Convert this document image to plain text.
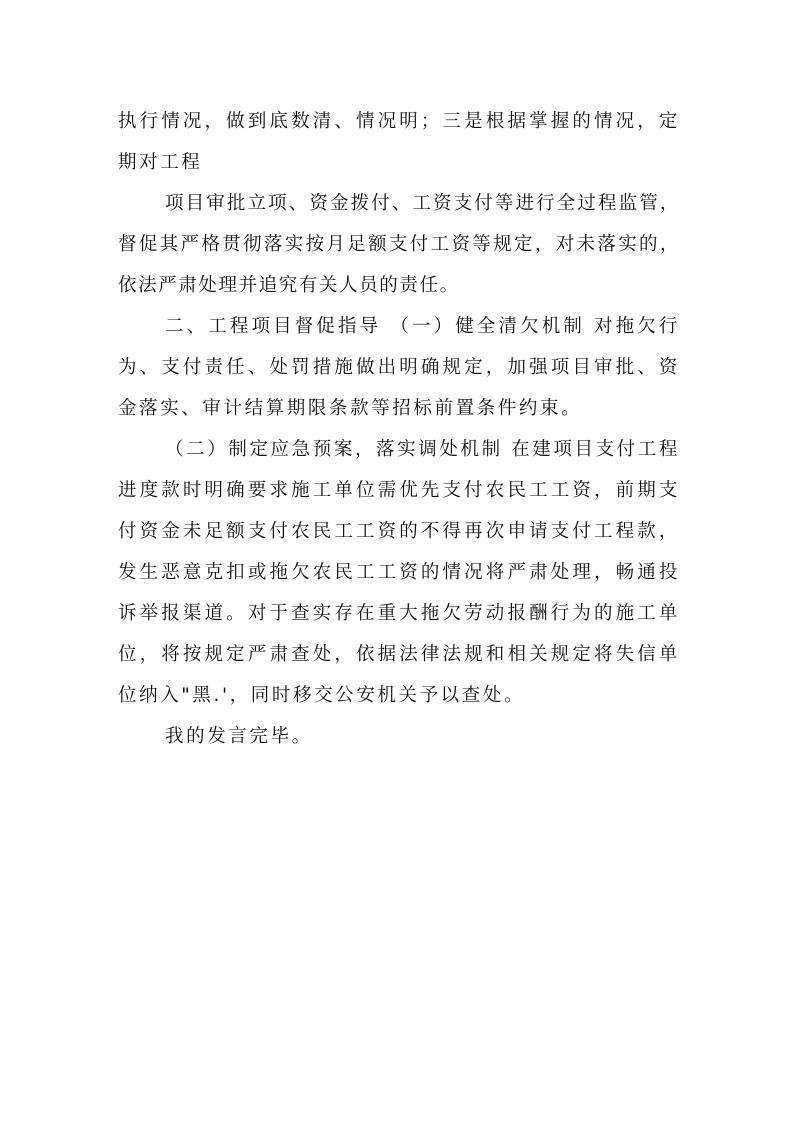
执行情况，做到底数清、情况明；三是根据掌握的情况，定期对工程

项目审批立项、资金拨付、工资支付等进行全过程监管，督促其严格贯彻落实按月足额支付工资等规定，对未落实的，依法严肃处理并追究有关人员的责任。

二、工程项目督促指导 （一）健全清欠机制 对拖欠行为、支付责任、处罚措施做出明确规定，加强项目审批、资金落实、审计结算期限条款等招标前置条件约束。

（二）制定应急预案，落实调处机制 在建项目支付工程进度款时明确要求施工单位需优先支付农民工工资，前期支付资金未足额支付农民工工资的不得再次申请支付工程款，发生恶意克扣或拖欠农民工工资的情况将严肃处理，畅通投诉举报渠道。对于查实存在重大拖欠劳动报酬行为的施工单位，将按规定严肃查处，依据法律法规和相关规定将失信单位纳入"黑.'，同时移交公安机关予以查处。

我的发言完毕。
